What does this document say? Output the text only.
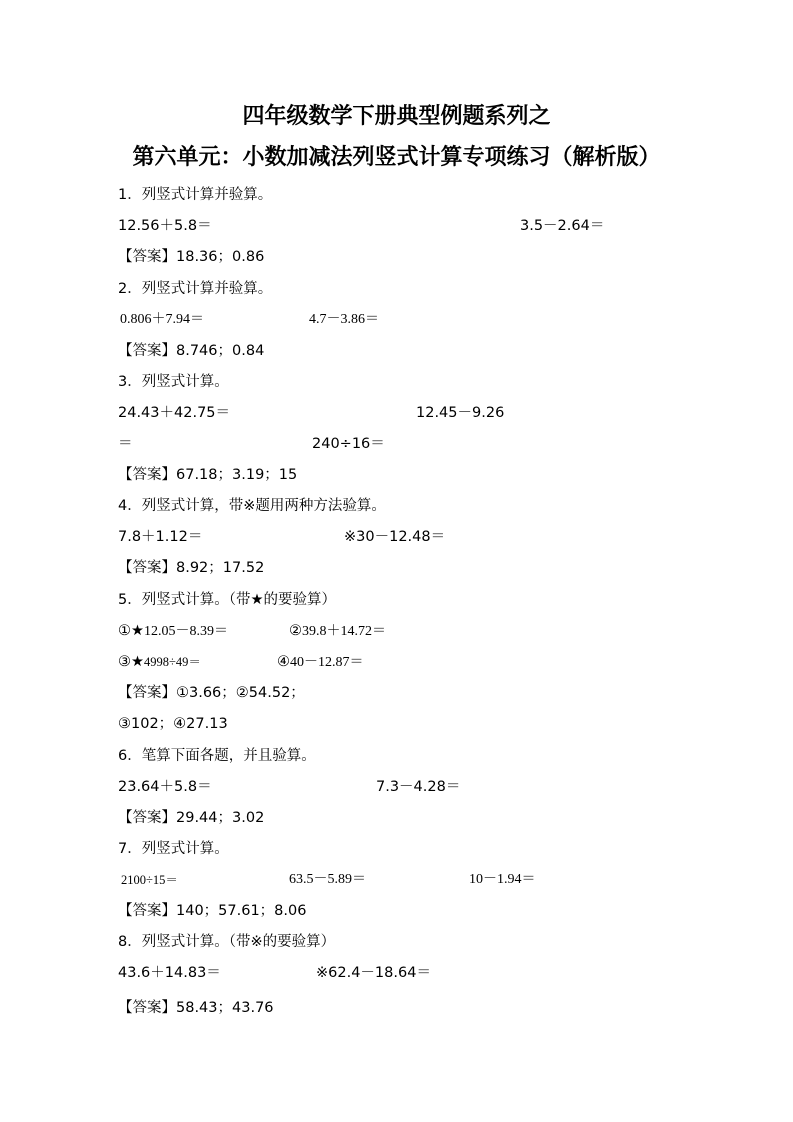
四年级数学下册典型例题系列之
第六单元：小数加减法列竖式计算专项练习（解析版）
1．列竖式计算并验算。
12.56＋5.8＝	3.5－2.64＝
【答案】18.36；0.86
2．列竖式计算并验算。
0.806＋7.94＝	4.7－3.86＝
【答案】8.746；0.84
3．列竖式计算。
24.43＋42.75＝	12.45－9.26
＝	240÷16＝
【答案】67.18；3.19；15
4．列竖式计算，带※题用两种方法验算。
7.8＋1.12＝	※30－12.48＝
【答案】8.92；17.52
5．列竖式计算。（带★的要验算）
①★12.05－8.39＝	②39.8＋14.72＝
③★4998÷49＝	④40－12.87＝
【答案】①3.66；②54.52；
③102；④27.13
6．笔算下面各题，并且验算。
23.64＋5.8＝	7.3－4.28＝
【答案】29.44；3.02
7．列竖式计算。
2100÷15＝	63.5－5.89＝	10－1.94＝
【答案】140；57.61；8.06
8．列竖式计算。（带※的要验算）
43.6＋14.83＝	※62.4－18.64＝
【答案】58.43；43.76
